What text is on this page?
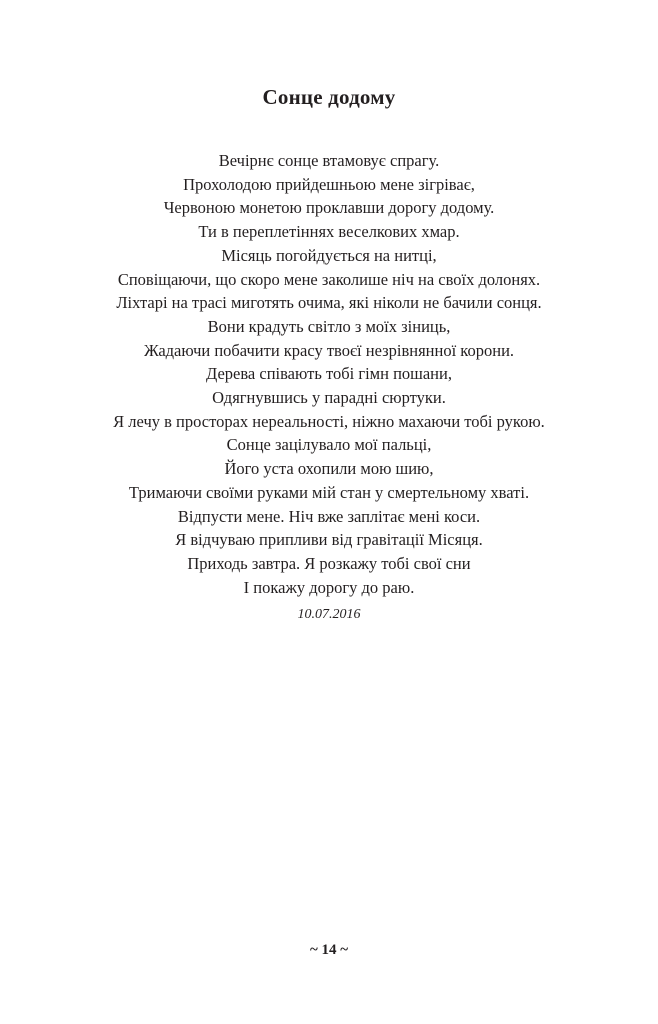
Сонце додому
Вечірнє сонце втамовує спрагу.
Прохолодою прийдешньою мене зігріває,
Червоною монетою проклавши дорогу додому.
Ти в переплетіннях веселкових хмар.
Місяць погойдується на нитці,
Сповіщаючи, що скоро мене заколише ніч на своїх долонях.
Ліхтарі на трасі миготять очима, які ніколи не бачили сонця.
Вони крадуть світло з моїх зіниць,
Жадаючи побачити красу твоєї незрівнянної корони.
Дерева співають тобі гімн пошани,
Одягнувшись у парадні сюртуки.
Я лечу в просторах нереальності, ніжно махаючи тобі рукою.
Сонце зацілувало мої пальці,
Його уста охопили мою шию,
Тримаючи своїми руками мій стан у смертельному хваті.
Відпусти мене. Ніч вже заплітає мені коси.
Я відчуваю припливи від гравітації Місяця.
Приходь завтра. Я розкажу тобі свої сни
І покажу дорогу до раю.
10.07.2016
~ 14 ~
